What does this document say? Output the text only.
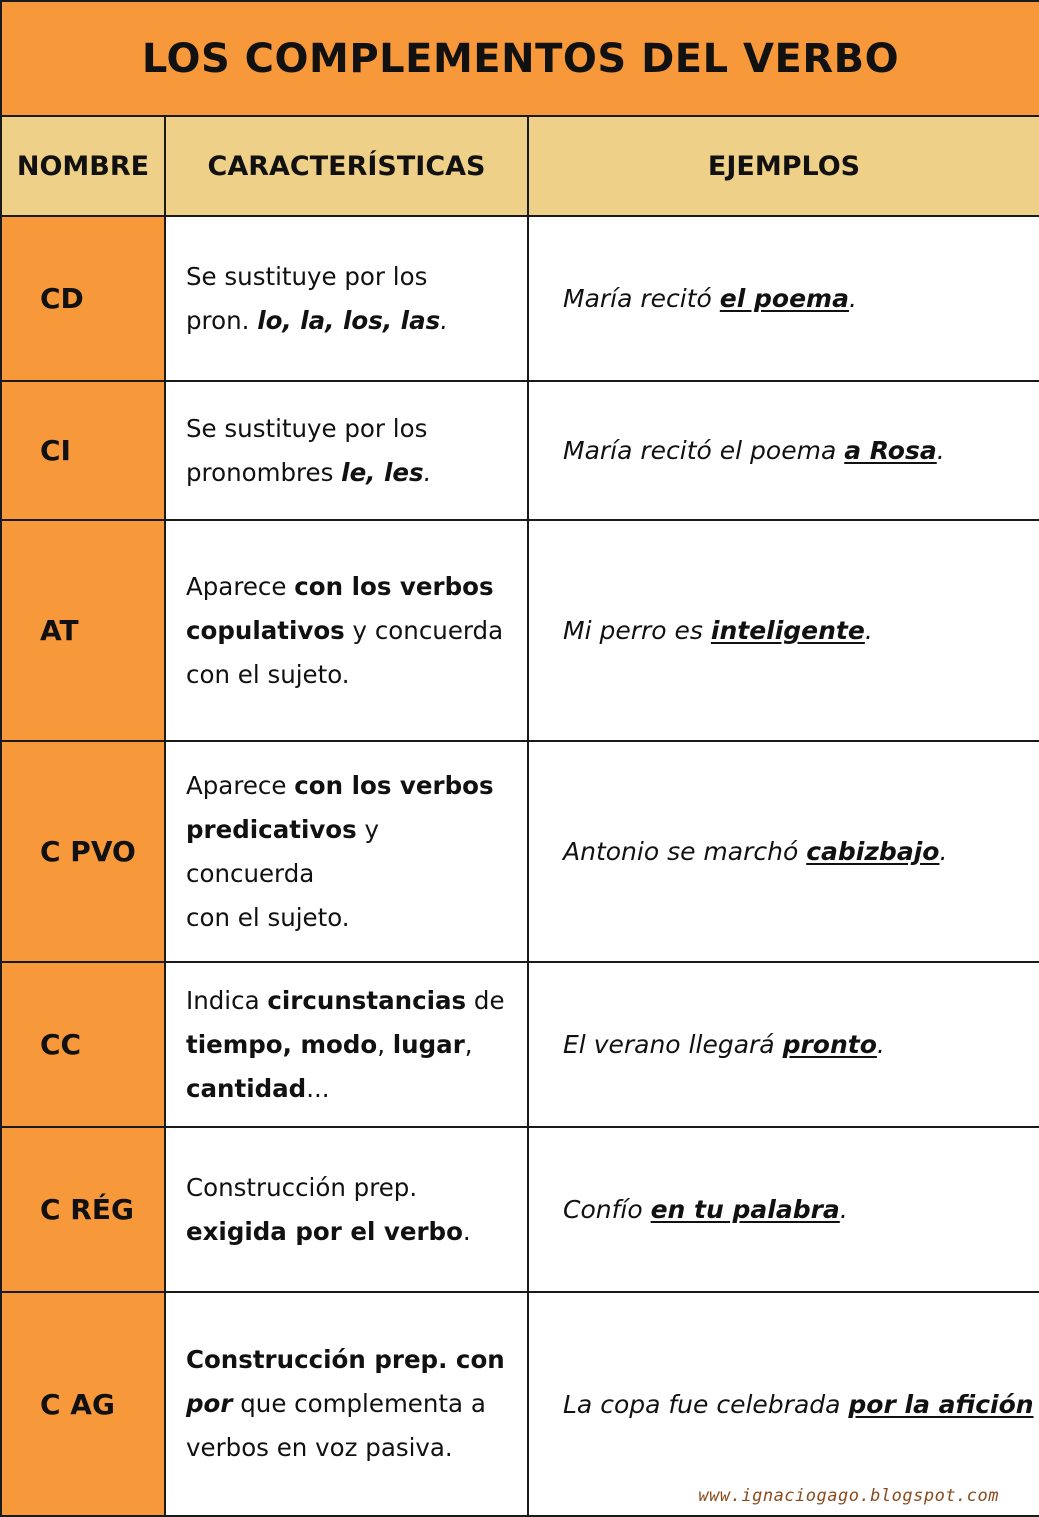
LOS COMPLEMENTOS DEL VERBO		
NOMBRE	CARACTERÍSTICAS	EJEMPLOS
CD	Se sustituye por los
pron. lo, la, los, las.	María recitó el poema.
CI	Se sustituye por los
pronombres le, les.	María recitó el poema a Rosa.
AT	Aparece con los verbos
copulativos y concuerda
con el sujeto.	Mi perro es inteligente.
C PVO	Aparece con los verbos
predicativos y concuerda
con el sujeto.	Antonio se marchó cabizbajo.
CC	Indica circunstancias de
tiempo, modo, lugar,
cantidad...	El verano llegará pronto.
C RÉG	Construcción prep.
exigida por el verbo.	Confío en tu palabra.
C AG	Construcción prep. con
por que complementa a
verbos en voz pasiva.	La copa fue celebrada por la afición
www.ignaciogago.blogspot.com
